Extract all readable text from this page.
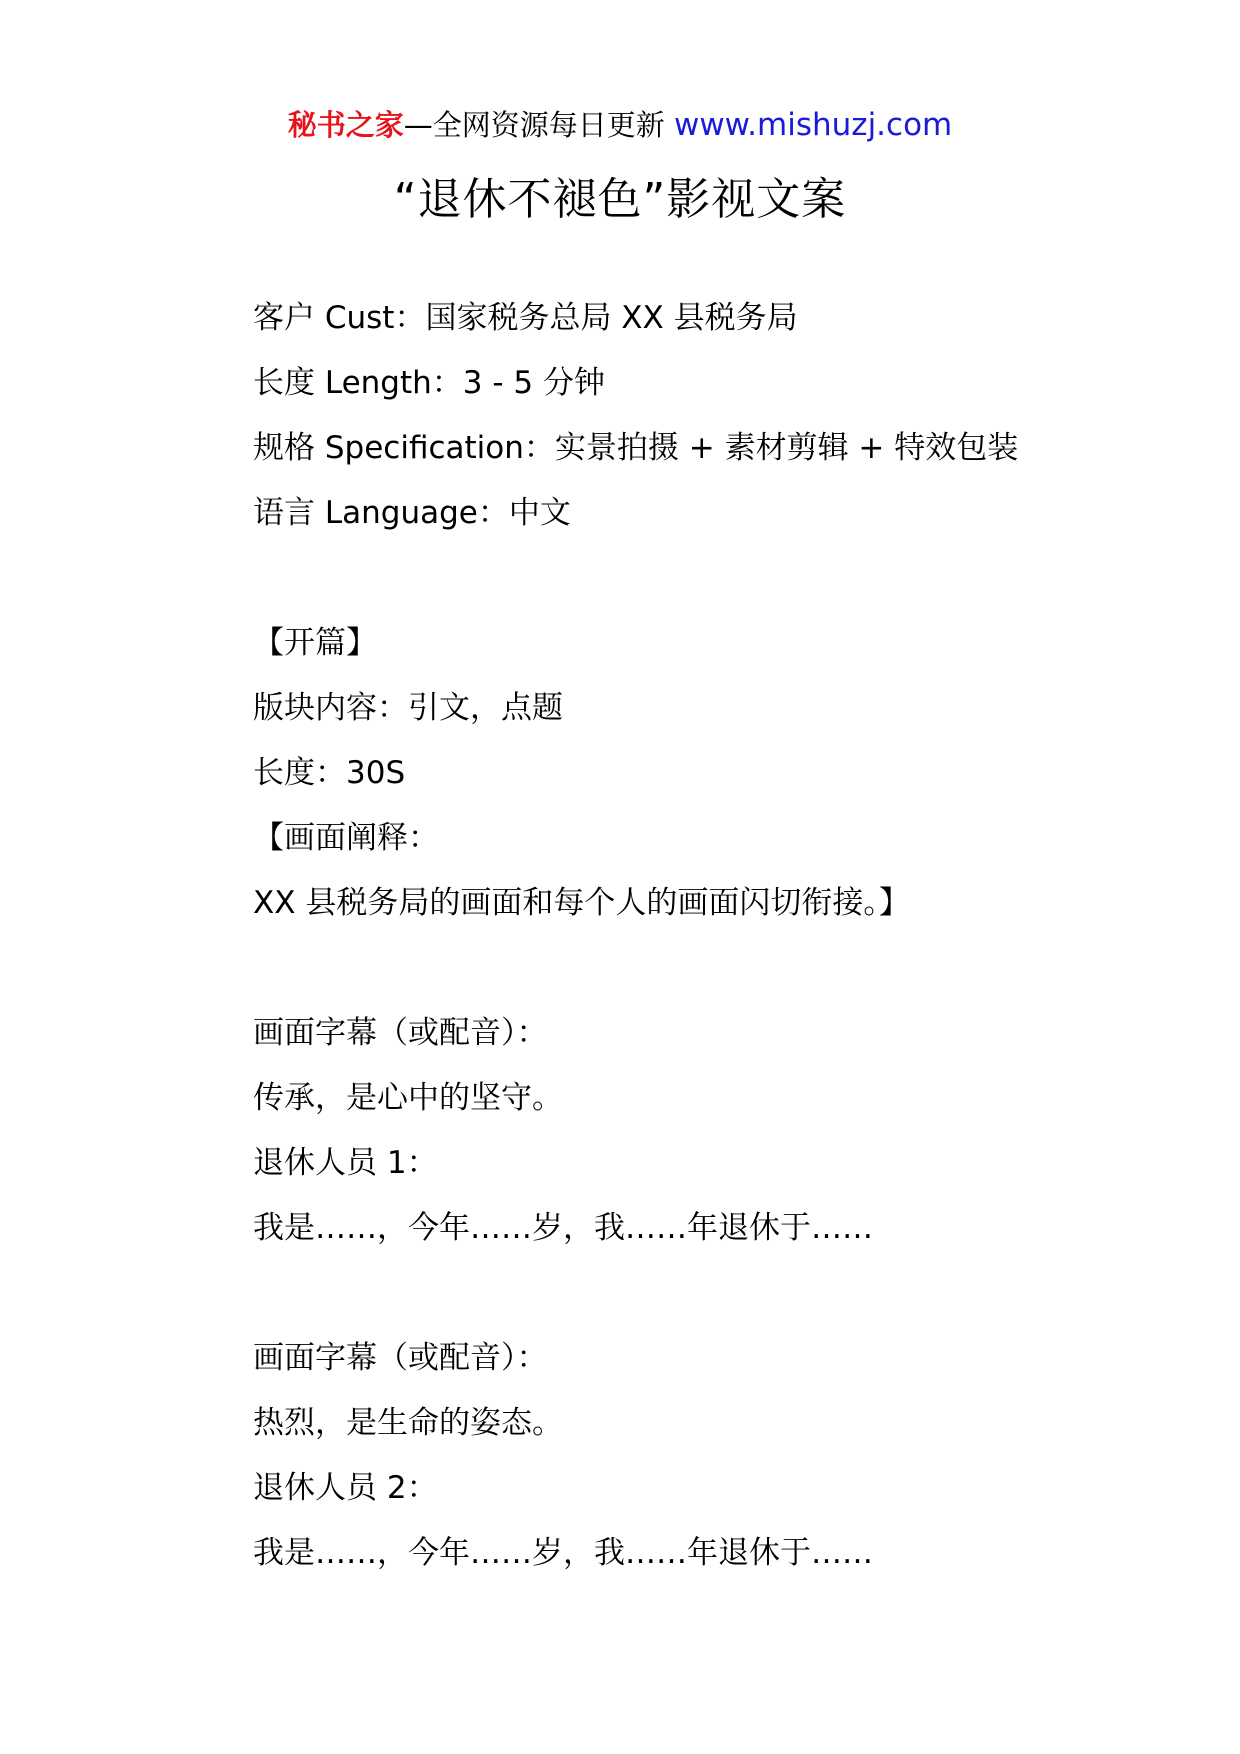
秘书之家—全网资源每日更新 www.mishuzj.com
“退休不褪色”影视文案
客户 Cust：国家税务总局 XX 县税务局
长度 Length：3 - 5 分钟
规格 Specification：实景拍摄 + 素材剪辑 + 特效包装
语言 Language：中文
【开篇】
版块内容：引文，点题
长度：30S
【画面阐释：
XX 县税务局的画面和每个人的画面闪切衔接。】
画面字幕（或配音）：
传承，是心中的坚守。
退休人员 1：
我是……，今年……岁，我……年退休于……
画面字幕（或配音）：
热烈，是生命的姿态。
退休人员 2：
我是……，今年……岁，我……年退休于……
